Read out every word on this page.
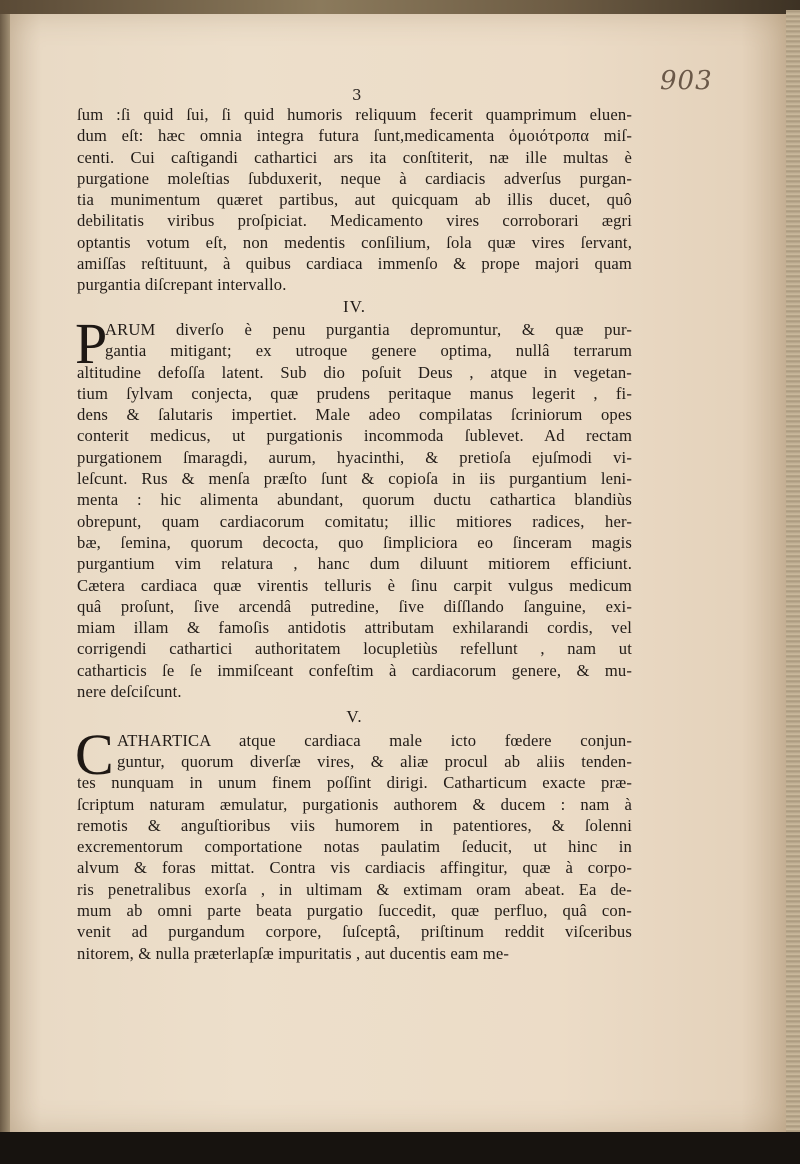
903

3

ſum :ſi quid ſui, ſi quid humoris reliquum fecerit quamprimum eluen-
dum eſt: hæc omnia integra futura ſunt,medicamenta ὁμοιότροπα miſ-
centi. Cui caſtigandi cathartici ars ita conſtiterit, næ ille multas è
purgatione moleſtias ſubduxerit, neque à cardiacis adverſus purgan-
tia munimentum quæret partibus, aut quicquam ab illis ducet, quô
debilitatis viribus proſpiciat. Medicamento vires corroborari ægri
optantis votum eſt, non medentis conſilium, ſola quæ vires ſervant,
amiſſas reſtituunt, à quibus cardiaca immenſo & prope majori quam
purgantia diſcrepant intervallo.
IV.
P
ARUM diverſo è penu purgantia depromuntur, & quæ pur-
gantia mitigant; ex utroque genere optima, nullâ terrarum
altitudine defoſſa latent. Sub dio poſuit Deus , atque in vegetan-
tium ſylvam conjecta, quæ prudens peritaque manus legerit , fi-
dens & ſalutaris impertiet. Male adeo compilatas ſcriniorum opes
conterit medicus, ut purgationis incommoda ſublevet. Ad rectam
purgationem ſmaragdi, aurum, hyacinthi, & pretioſa ejuſmodi vi-
leſcunt. Rus & menſa præſto ſunt & copioſa in iis purgantium leni-
menta : hic alimenta abundant, quorum ductu cathartica blandiùs
obrepunt, quam cardiacorum comitatu; illic mitiores radices, her-
bæ, ſemina, quorum decocta, quo ſimpliciora eo ſinceram magis
purgantium vim relatura , hanc dum diluunt mitiorem efficiunt.
Cætera cardiaca quæ virentis telluris è ſinu carpit vulgus medicum
quâ proſunt, ſive arcendâ putredine, ſive diſſlando ſanguine, exi-
miam illam & famoſis antidotis attributam exhilarandi cordis, vel
corrigendi cathartici authoritatem locupletiùs refellunt , nam ut
catharticis ſe ſe immiſceant confeſtim à cardiacorum genere, & mu-
nere deſciſcunt.
V.
C ATHARTICA atque cardiaca male icto fœdere conjun-
guntur, quorum diverſæ vires, & aliæ procul ab aliis tenden-
tes nunquam in unum finem poſſint dirigi. Catharticum exacte præ-
ſcriptum naturam æmulatur, purgationis authorem & ducem : nam à
remotis & anguſtioribus viis humorem in patentiores, & ſolenni
excrementorum comportatione notas paulatim ſeducit, ut hinc in
alvum & foras mittat. Contra vis cardiacis affingitur, quæ à corpo-
ris penetralibus exorſa , in ultimam & extimam oram abeat. Ea de-
mum ab omni parte beata purgatio ſuccedit, quæ perfluo, quâ con-
venit ad purgandum corpore, ſuſceptâ, priſtinum reddit viſceribus
nitorem, & nulla præterlapſæ impuritatis , aut ducentis eam me-
